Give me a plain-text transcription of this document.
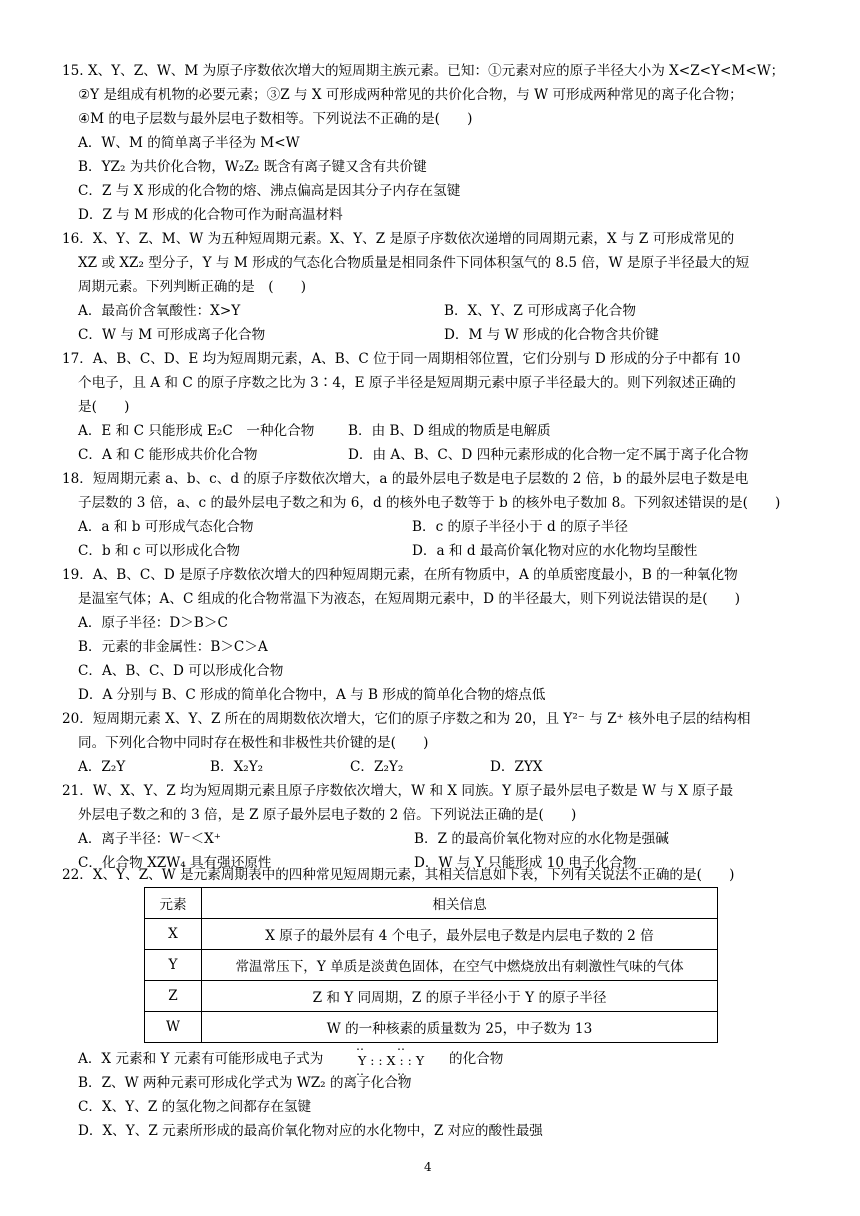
15. X、Y、Z、W、M 为原子序数依次增大的短周期主族元素。已知：①元素对应的原子半径大小为 X<Z<Y<M<W；
②Y 是组成有机物的必要元素；③Z 与 X 可形成两种常见的共价化合物，与 W 可形成两种常见的离子化合物；
④M 的电子层数与最外层电子数相等。下列说法不正确的是(　　)
A．W、M 的简单离子半径为 M<W
B．YZ₂ 为共价化合物，W₂Z₂ 既含有离子键又含有共价键
C．Z 与 X 形成的化合物的熔、沸点偏高是因其分子内存在氢键
D．Z 与 M 形成的化合物可作为耐高温材料
16．X、Y、Z、M、W 为五种短周期元素。X、Y、Z 是原子序数依次递增的同周期元素，X 与 Z 可形成常见的
XZ 或 XZ₂ 型分子，Y 与 M 形成的气态化合物质量是相同条件下同体积氢气的 8.5 倍，W 是原子半径最大的短
周期元素。下列判断正确的是　(　　)
A．最高价含氧酸性：X>Y	B．X、Y、Z 可形成离子化合物
C．W 与 M 可形成离子化合物	D．M 与 W 形成的化合物含共价键
17．A、B、C、D、E 均为短周期元素，A、B、C 位于同一周期相邻位置，它们分别与 D 形成的分子中都有 10
个电子，且 A 和 C 的原子序数之比为 3∶4，E 原子半径是短周期元素中原子半径最大的。则下列叙述正确的
是(　　)
A．E 和 C 只能形成 E₂C　一种化合物 B．由 B、D 组成的物质是电解质
C．A 和 C 能形成共价化合物	D．由 A、B、C、D 四种元素形成的化合物一定不属于离子化合物
18．短周期元素 a、b、c、d 的原子序数依次增大，a 的最外层电子数是电子层数的 2 倍，b 的最外层电子数是电
子层数的 3 倍，a、c 的最外层电子数之和为 6，d 的核外电子数等于 b 的核外电子数加 8。下列叙述错误的是(　　)
A．a 和 b 可形成气态化合物	B．c 的原子半径小于 d 的原子半径
C．b 和 c 可以形成化合物	D．a 和 d 最高价氧化物对应的水化物均呈酸性
19．A、B、C、D 是原子序数依次增大的四种短周期元素，在所有物质中，A 的单质密度最小，B 的一种氧化物
是温室气体；A、C 组成的化合物常温下为液态，在短周期元素中，D 的半径最大，则下列说法错误的是(　　)
A．原子半径：D＞B＞C
B．元素的非金属性：B＞C＞A
C．A、B、C、D 可以形成化合物
D．A 分别与 B、C 形成的简单化合物中，A 与 B 形成的简单化合物的熔点低
20．短周期元素 X、Y、Z 所在的周期数依次增大，它们的原子序数之和为 20，且 Y²⁻ 与 Z⁺ 核外电子层的结构相
同。下列化合物中同时存在极性和非极性共价键的是(　　)
A．Z₂Y	B．X₂Y₂	C．Z₂Y₂	D．ZYX
21．W、X、Y、Z 均为短周期元素且原子序数依次增大，W 和 X 同族。Y 原子最外层电子数是 W 与 X 原子最
外层电子数之和的 3 倍，是 Z 原子最外层电子数的 2 倍。下列说法正确的是(　　)
A．离子半径：W⁻＜X⁺	B．Z 的最高价氧化物对应的水化物是强碱
C．化合物 XZW₄ 具有强还原性	D．W 与 Y 只能形成 10 电子化合物
22．X、Y、Z、W 是元素周期表中的四种常见短周期元素，其相关信息如下表，下列有关说法不正确的是(　　)
元素	相关信息
X	X 原子的最外层有 4 个电子，最外层电子数是内层电子数的 2 倍
Y	常温常压下，Y 单质是淡黄色固体，在空气中燃烧放出有刺激性气味的气体
Z	Z 和 Y 同周期，Z 的原子半径小于 Y 的原子半径
W	W 的一种核素的质量数为 25，中子数为 13
A．X 元素和 Y 元素有可能形成电子式为
‥　　‥
Y : : X : : Y
‥　　‥
的化合物
B．Z、W 两种元素可形成化学式为 WZ₂ 的离子化合物
C．X、Y、Z 的氢化物之间都存在氢键
D．X、Y、Z 元素所形成的最高价氧化物对应的水化物中，Z 对应的酸性最强
4
